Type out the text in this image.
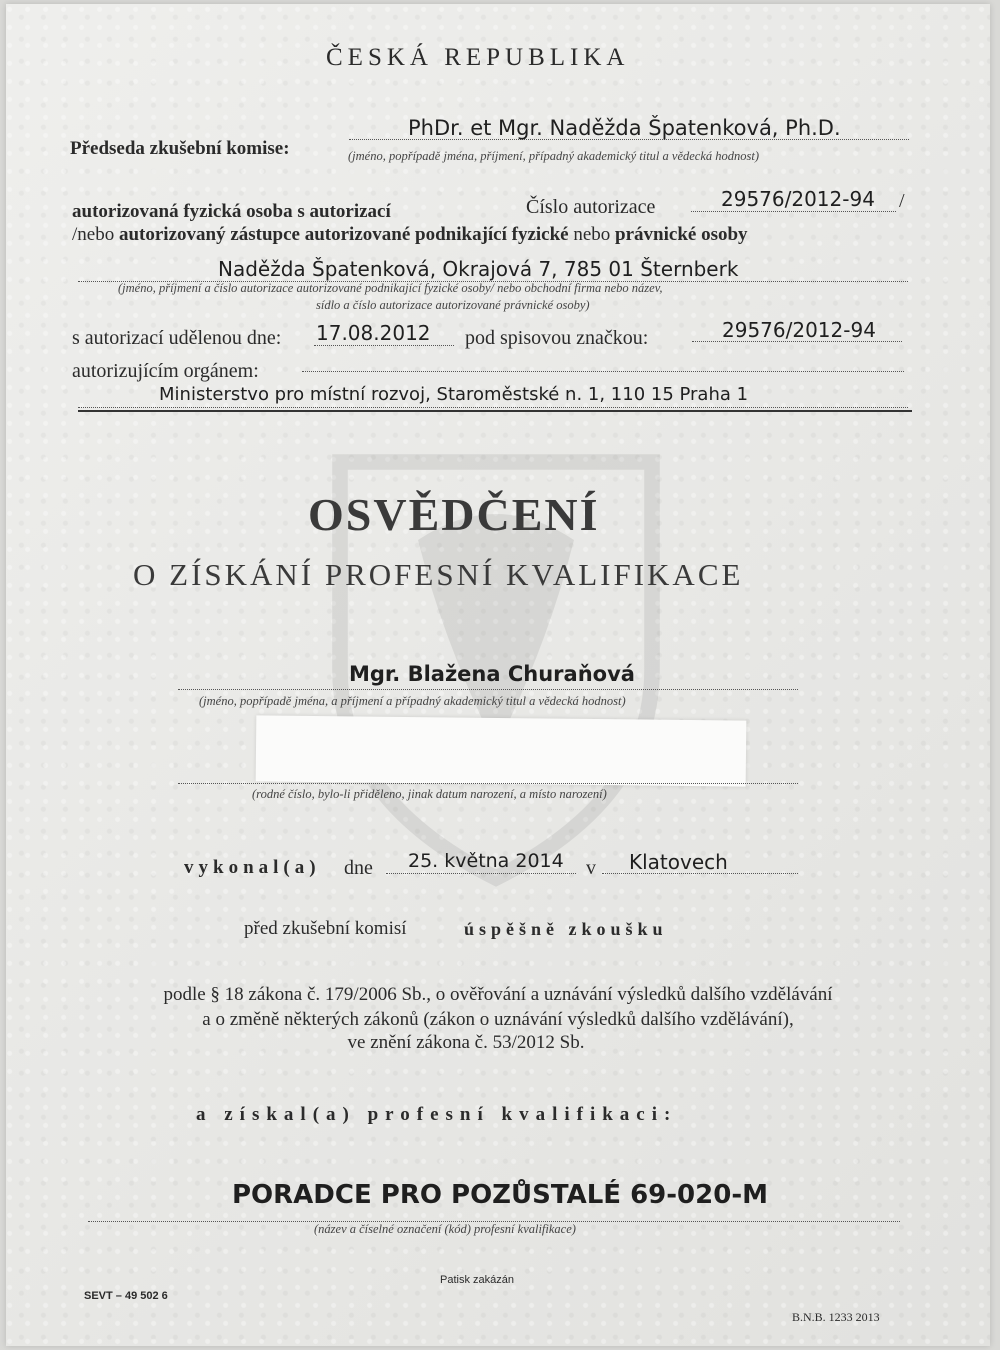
ČESKÁ REPUBLIKA
Předseda zkušební komise:
PhDr. et Mgr. Naděžda Špatenková, Ph.D.
(jméno, popřípadě jména, příjmení, případný akademický titul a vědecká hodnost)
autorizovaná fyzická osoba s autorizací	Číslo autorizace	29576/2012-94 /
/nebo autorizovaný zástupce autorizované podnikající fyzické nebo právnické osoby
Naděžda Špatenková, Okrajová 7, 785 01 Šternberk
(jméno, příjmení a číslo autorizace autorizované podnikající fyzické osoby/ nebo obchodní firma nebo název,
sídlo a číslo autorizace autorizované právnické osoby)
s autorizací udělenou dne: 17.08.2012 pod spisovou značkou:	29576/2012-94
autorizujícím orgánem:
Ministerstvo pro místní rozvoj, Staroměstské n. 1, 110 15 Praha 1
OSVĚDČENÍ
O ZÍSKÁNÍ PROFESNÍ KVALIFIKACE
Mgr. Blažena Churaňová
(jméno, popřípadě jména, a příjmení a případný akademický titul a vědecká hodnost)
(rodné číslo, bylo-li přiděleno, jinak datum narození, a místo narození)
vykonal(a) dne 25. května 2014 v Klatovech
před zkušební komisí	úspěšně zkoušku
podle § 18 zákona č. 179/2006 Sb., o ověřování a uznávání výsledků dalšího vzdělávání
a o změně některých zákonů (zákon o uznávání výsledků dalšího vzdělávání),
ve znění zákona č. 53/2012 Sb.
a získal(a) profesní kvalifikaci:
PORADCE PRO POZŮSTALÉ 69-020-M
(název a číselné označení (kód) profesní kvalifikace)
Patisk zakázán
SEVT – 49 502 6
B.N.B. 1233 2013
